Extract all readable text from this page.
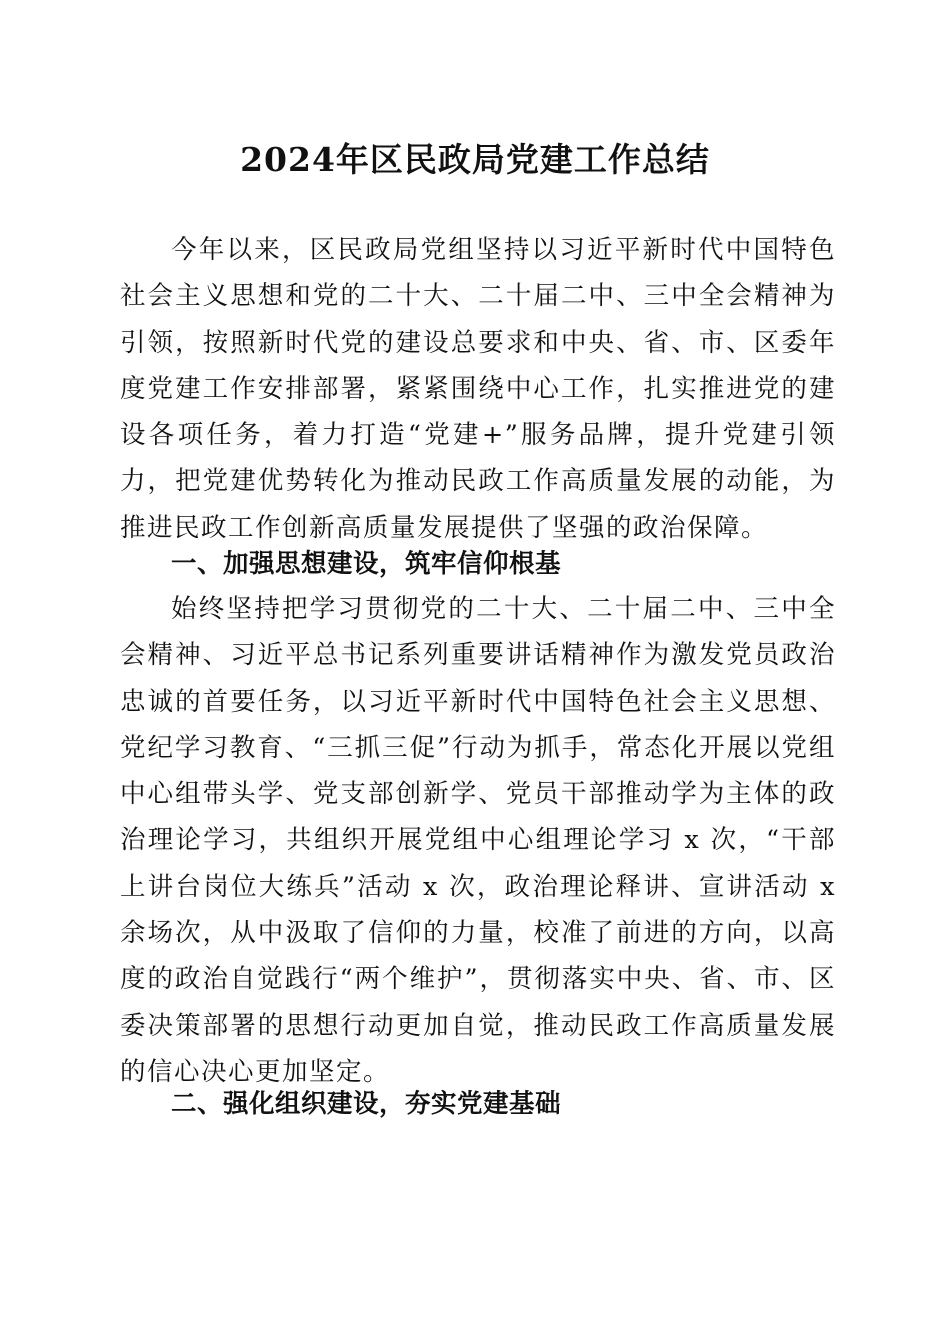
2024年区民政局党建工作总结

今年以来，区民政局党组坚持以习近平新时代中国特色社会主义思想和党的二十大、二十届二中、三中全会精神为引领，按照新时代党的建设总要求和中央、省、市、区委年度党建工作安排部署，紧紧围绕中心工作，扎实推进党的建设各项任务，着力打造“党建+”服务品牌，提升党建引领力，把党建优势转化为推动民政工作高质量发展的动能，为推进民政工作创新高质量发展提供了坚强的政治保障。

一、加强思想建设，筑牢信仰根基

始终坚持把学习贯彻党的二十大、二十届二中、三中全会精神、习近平总书记系列重要讲话精神作为激发党员政治忠诚的首要任务，以习近平新时代中国特色社会主义思想、党纪学习教育、“三抓三促”行动为抓手，常态化开展以党组中心组带头学、党支部创新学、党员干部推动学为主体的政治理论学习，共组织开展党组中心组理论学习 x 次，“干部上讲台岗位大练兵”活动 x 次，政治理论释讲、宣讲活动 x 余场次，从中汲取了信仰的力量，校准了前进的方向，以高度的政治自觉践行“两个维护”，贯彻落实中央、省、市、区委决策部署的思想行动更加自觉，推动民政工作高质量发展的信心决心更加坚定。

二、强化组织建设，夯实党建基础
